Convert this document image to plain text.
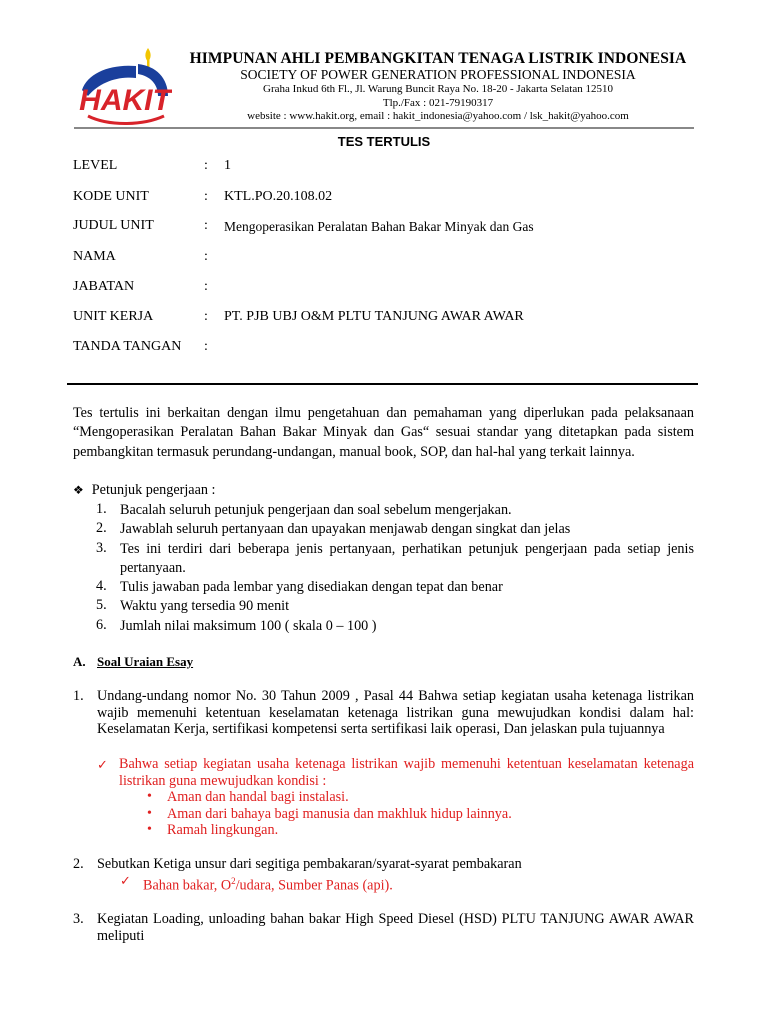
HAKIT
HIMPUNAN AHLI PEMBANGKITAN TENAGA LISTRIK INDONESIA
SOCIETY OF POWER GENERATION PROFESSIONAL INDONESIA
Graha Inkud 6th Fl., Jl. Warung Buncit Raya No. 18-20 - Jakarta Selatan 12510
Tlp./Fax : 021-79190317
website : www.hakit.org, email : hakit_indonesia@yahoo.com / lsk_hakit@yahoo.com
TES TERTULIS
LEVEL	: 1
KODE UNIT	: KTL.PO.20.108.02
JUDUL UNIT	: Mengoperasikan Peralatan Bahan Bakar Minyak dan Gas
NAMA	:
JABATAN	:
UNIT KERJA	: PT. PJB UBJ O&M PLTU TANJUNG AWAR AWAR
TANDA TANGAN :
Tes tertulis ini berkaitan dengan ilmu pengetahuan dan pemahaman yang diperlukan pada pelaksanaan “Mengoperasikan Peralatan Bahan Bakar Minyak dan Gas“ sesuai standar yang ditetapkan pada sistem pembangkitan termasuk perundang-undangan, manual book, SOP, dan hal-hal yang terkait lainnya.
❖ Petunjuk pengerjaan :
1. Bacalah seluruh petunjuk pengerjaan dan soal sebelum mengerjakan.
2. Jawablah seluruh pertanyaan dan upayakan menjawab dengan singkat dan jelas
3. Tes ini terdiri dari beberapa jenis pertanyaan, perhatikan petunjuk pengerjaan pada setiap jenis pertanyaan.
4. Tulis jawaban pada lembar yang disediakan dengan tepat dan benar
5. Waktu yang tersedia 90 menit
6. Jumlah nilai maksimum 100 ( skala 0 – 100 )
A. Soal Uraian Esay
1. Undang-undang nomor No. 30 Tahun 2009 , Pasal 44 Bahwa setiap kegiatan usaha ketenaga listrikan wajib memenuhi ketentuan keselamatan ketenaga listrikan guna mewujudkan kondisi dalam hal: Keselamatan Kerja, sertifikasi kompetensi serta sertifikasi laik operasi, Dan jelaskan pula tujuannya
✓ Bahwa setiap kegiatan usaha ketenaga listrikan wajib memenuhi ketentuan keselamatan ketenaga listrikan guna mewujudkan kondisi :
• Aman dan handal bagi instalasi.
• Aman dari bahaya bagi manusia dan makhluk hidup lainnya.
• Ramah lingkungan.
2. Sebutkan Ketiga unsur dari segitiga pembakaran/syarat-syarat pembakaran
✓ Bahan bakar, $O^2$/udara, Sumber Panas (api).
3. Kegiatan Loading, unloading bahan bakar High Speed Diesel (HSD) PLTU TANJUNG AWAR AWAR meliputi
